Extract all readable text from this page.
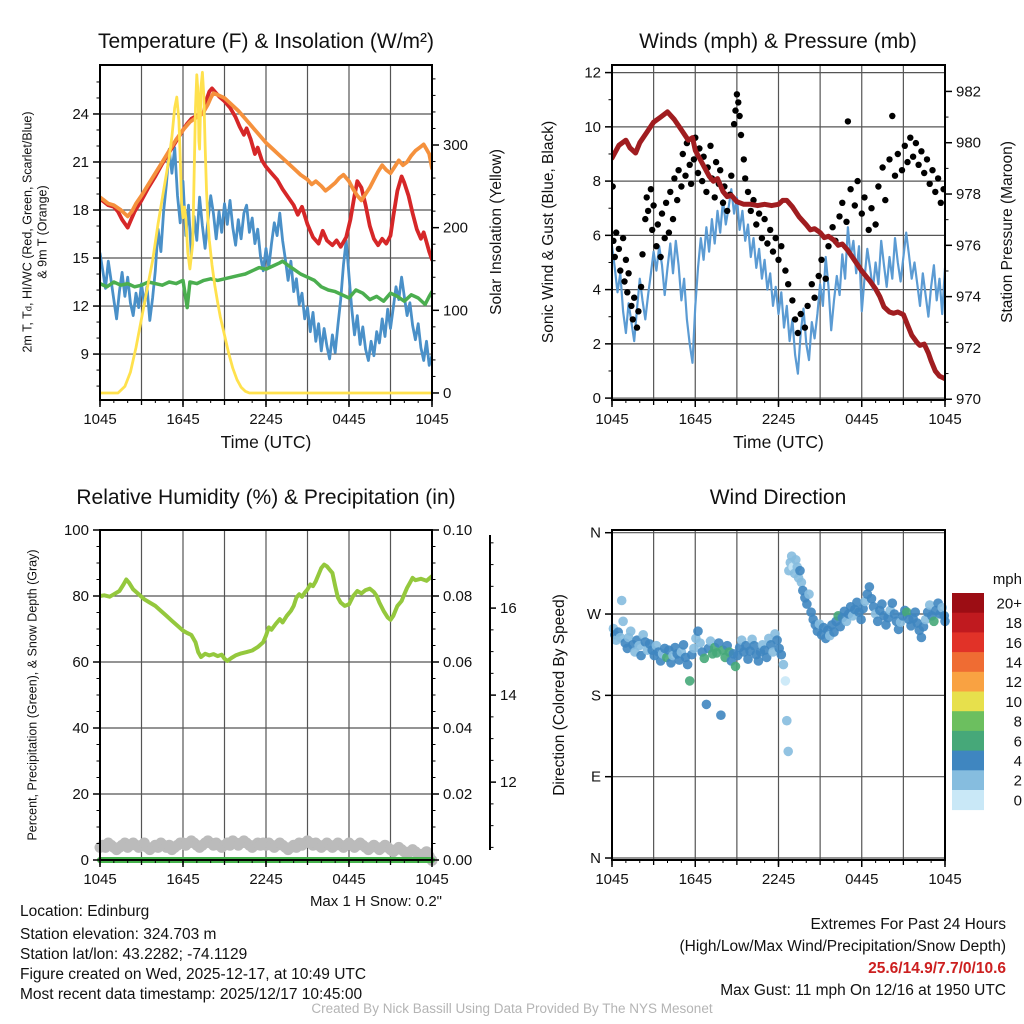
1045	1645	2245	0445	1045
9
12
15
18
21
24
0
100
200
300
1045	1645	2245	0445	1045
0
2
4
6
8
10
12
970
972
974
976
978
980
982
1045	1645	2245	0445	1045
0
20
40
60
80
100
0.00
0.02
0.04
0.06
0.08
0.10
12
14
16
1045	1645	2245	0445	1045
N
W
S
E
N
20+
18
16
14
12
10
8
6
4
2
0
mph
Temperature (F) & Insolation (W/m²)	Winds (mph) & Pressure (mb)
Relative Humidity (%) & Precipitation (in)	Wind Direction
Time (UTC)	Time (UTC)
2m T, Td, HI/WC (Red, Green, Scarlet/Blue)
& 9m T (Orange)	Solar Insolation (Yellow) Sonic Wind & Gust (Blue, Black)	Station Pressure (Maroon)
Percent, Precipitation (Green), & Snow Depth (Gray)	Direction (Colored By Speed)
Max 1 H Snow: 0.2"
Location: Edinburg
Station elevation: 324.703 m
Station lat/lon: 43.2282; -74.1129
Figure created on Wed, 2025-12-17, at 10:49 UTC
Most recent data timestamp: 2025/12/17 10:45:00
Extremes For Past 24 Hours
(High/Low/Max Wind/Precipitation/Snow Depth)
25.6/14.9/7.7/0/10.6
Max Gust: 11 mph On 12/16 at 1950 UTC
Created By Nick Bassill Using Data Provided By The NYS Mesonet
